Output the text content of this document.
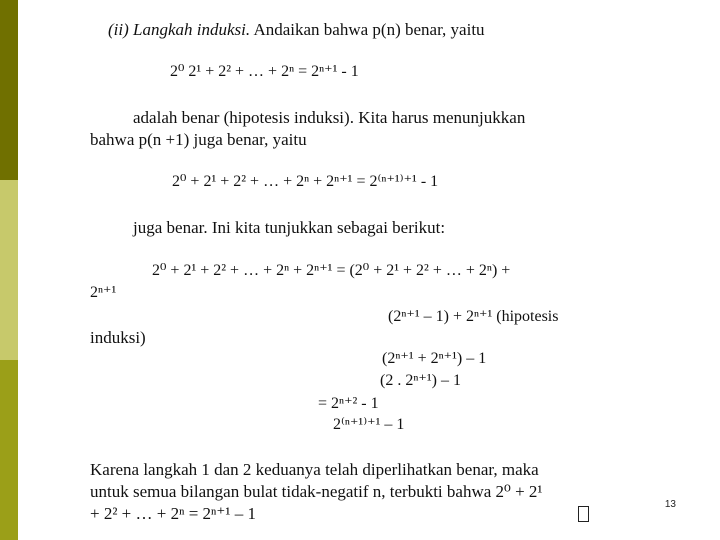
(ii) Langkah induksi. Andaikan bahwa p(n) benar, yaitu
2⁰ 2¹ + 2² + … + 2ⁿ = 2ⁿ⁺¹ - 1
adalah benar (hipotesis induksi). Kita harus menunjukkan
bahwa p(n +1) juga benar, yaitu
2⁰ + 2¹ + 2² + … + 2ⁿ + 2ⁿ⁺¹ = 2⁽ⁿ⁺¹⁾⁺¹ - 1
juga benar. Ini kita tunjukkan sebagai berikut:
2⁰ + 2¹ + 2² + … + 2ⁿ + 2ⁿ⁺¹ = (2⁰ + 2¹ + 2² + … + 2ⁿ) +
2ⁿ⁺¹
(2ⁿ⁺¹ – 1) + 2ⁿ⁺¹ (hipotesis
induksi)
(2ⁿ⁺¹ + 2ⁿ⁺¹) – 1
(2 . 2ⁿ⁺¹) – 1
= 2ⁿ⁺² - 1
2⁽ⁿ⁺¹⁾⁺¹ – 1
Karena langkah 1 dan 2 keduanya telah diperlihatkan benar, maka
untuk semua bilangan bulat tidak-negatif n, terbukti bahwa 2⁰ + 2¹
+ 2² + … + 2ⁿ = 2ⁿ⁺¹ – 1	13
